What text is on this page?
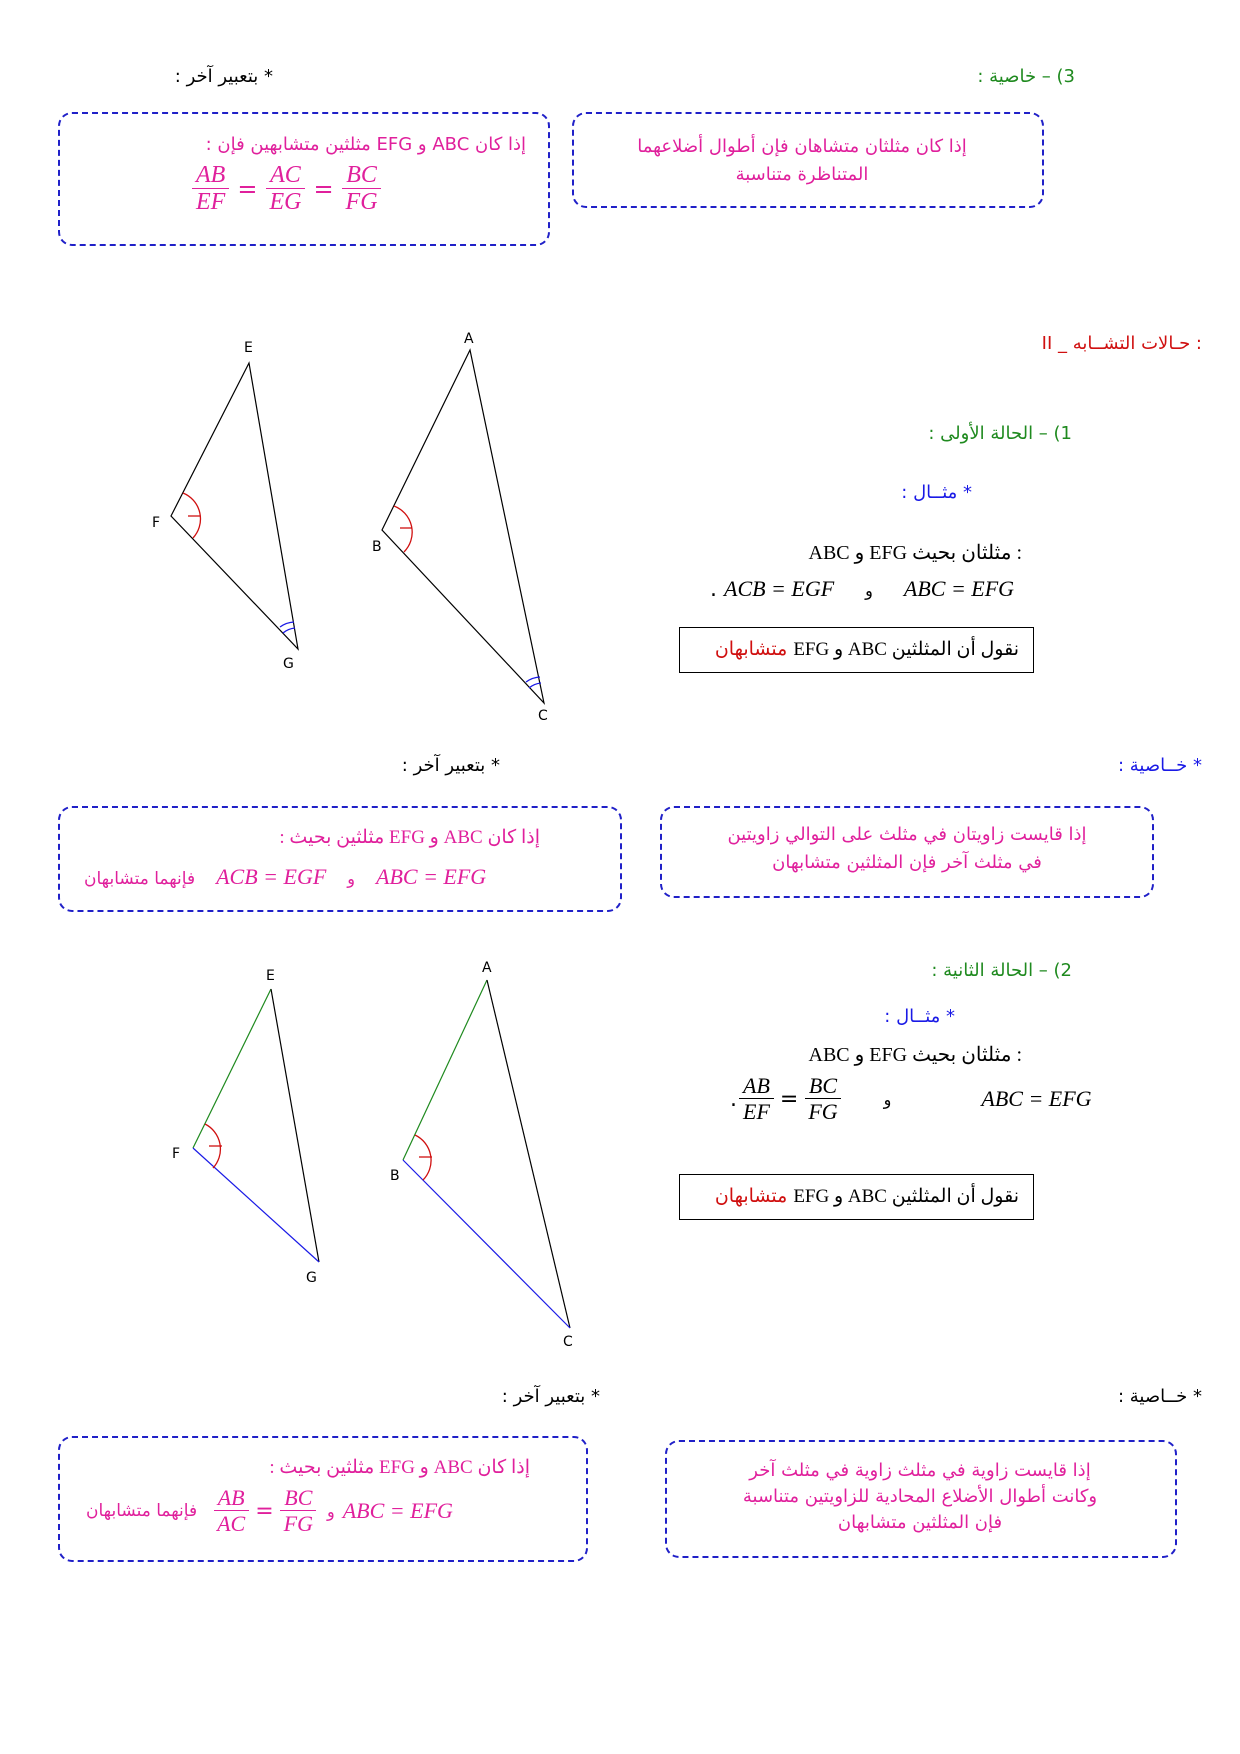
3) – خاصية :
* بتعبير آخر :
إذا كان مثلثان متشاهان فإن أطوال أضلاعهما
المتناظرة متناسبة
إذا كان ABC و EFG مثلثين متشابهين فإن :
$\frac{AB}{EF} = \frac{AC}{EG} = \frac{BC}{FG}$
II _ حـالات التشــابه :
E
F
G
A
B
C
1) – الحالة الأولى :
* مثــال :
ABC و EFG مثلثان بحيث :
. ACB = EGF و ABC = EFG
نقول أن المثلثين ABC و EFG متشابهان
* خــاصية :
* بتعبير آخر :
إذا قايست زاويتان في مثلث على التوالي زاويتين
في مثلث آخر فإن المثلثين متشابهان
إذا كان ABC و EFG مثلثين بحيث :
فإنهما متشابهان ACB = EGF و ABC = EFG
E
F
G
A
B
C
2) – الحالة الثانية :
* مثــال :
ABC و EFG مثلثان بحيث :
. $\frac{AB}{EF} = \frac{BC}{FG}$	و	ABC = EFG
نقول أن المثلثين ABC و EFG متشابهان
* خــاصية :
* بتعبير آخر :
إذا قايست زاوية في مثلث زاوية في مثلث آخر
وكانت أطوال الأضلاع المحادية للزاويتين متناسبة
فإن المثلثين متشابهان
إذا كان ABC و EFG مثلثين بحيث :
فإنهما متشابهان $\frac{AB}{AC} = \frac{BC}{FG}$ و ABC = EFG
